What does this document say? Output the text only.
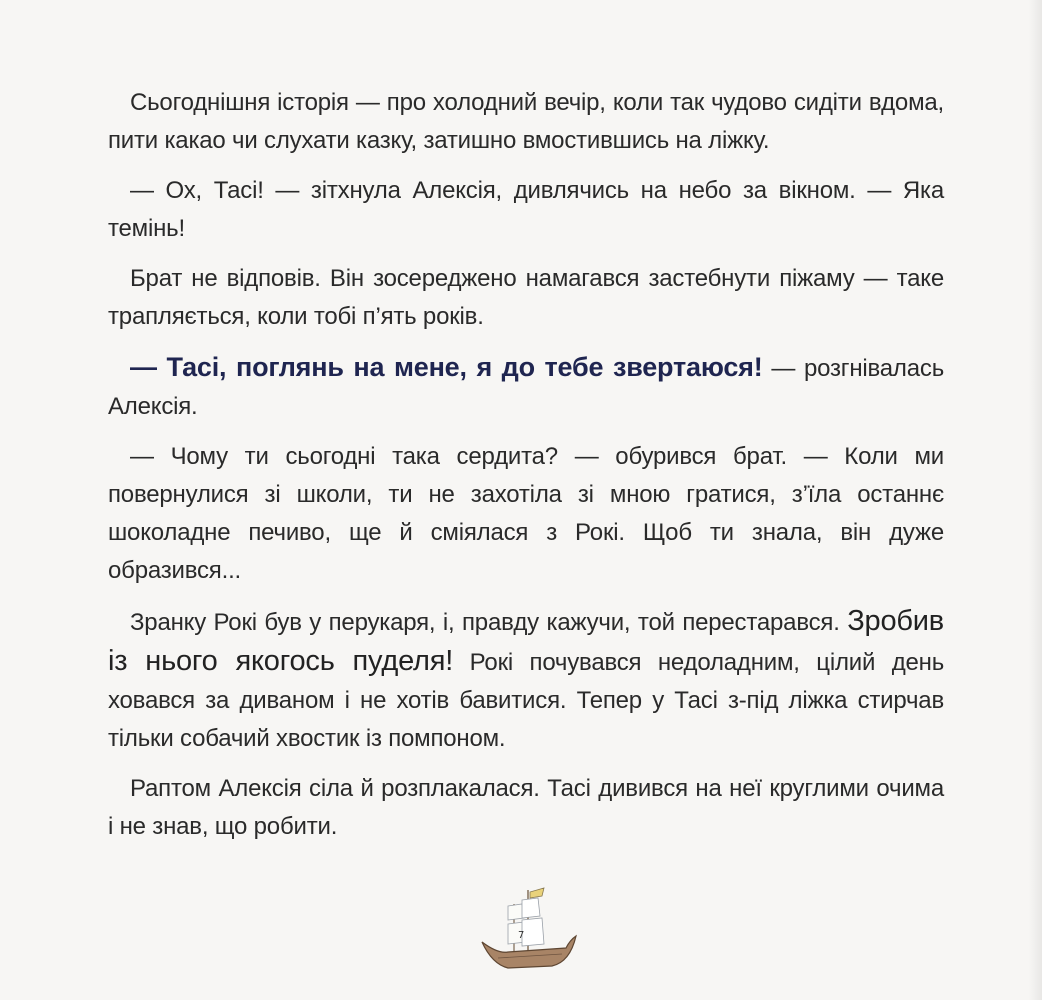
Сьогоднішня історія — про холодний вечір, коли так чудово сидіти вдома, пити какао чи слухати казку, затишно вмостившись на ліжку.

— Ох, Тасі! — зітхнула Алексія, дивлячись на небо за вікном. — Яка темінь!

Брат не відповів. Він зосереджено намагався застебнути піжаму — таке трапляється, коли тобі п’ять років.

— Тасі, поглянь на мене, я до тебе звертаюся! — розгнівалась Алексія.

— Чому ти сьогодні така сердита? — обурився брат. — Коли ми повернулися зі школи, ти не захотіла зі мною гратися, з’їла останнє шоколадне печиво, ще й сміялася з Рокі. Щоб ти знала, він дуже образився...

Зранку Рокі був у перукаря, і, правду кажучи, той перестарався. Зробив із нього якогось пуделя! Рокі почувався недоладним, цілий день ховався за диваном і не хотів бавитися. Тепер у Тасі з-під ліжка стирчав тільки собачий хвостик із помпоном.

Раптом Алексія сіла й розплакалася. Тасі дивився на неї круглими очима і не знав, що робити.

7
